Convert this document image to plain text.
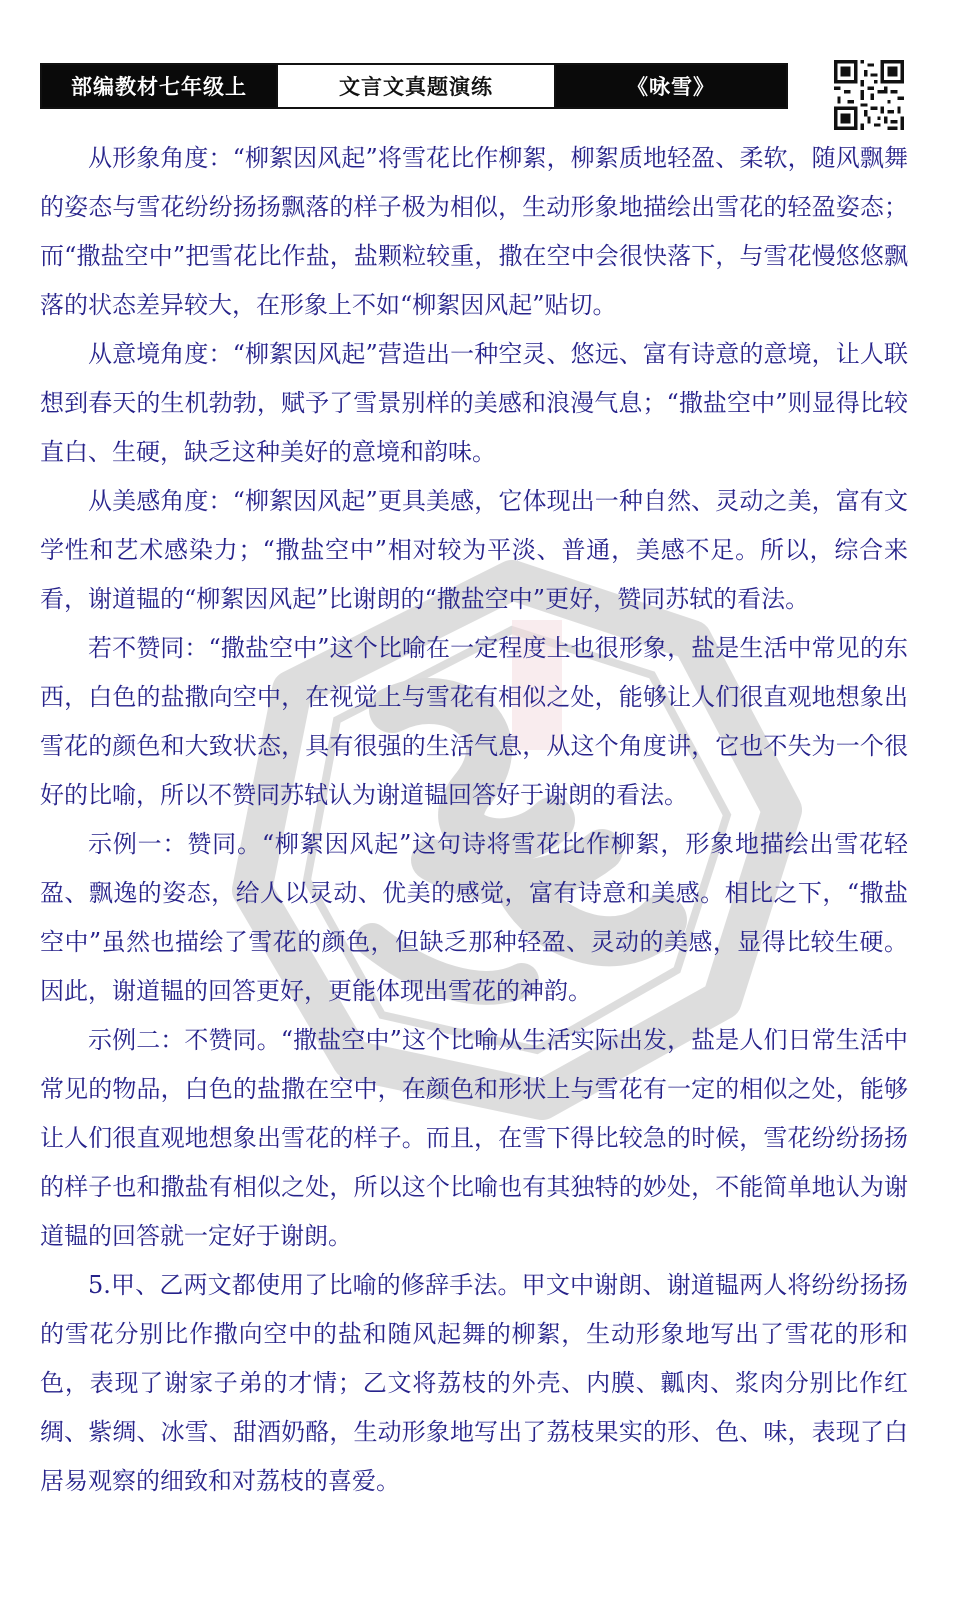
部编教材七年级上	文言文真题演练	《咏雪》

从形象角度：“柳絮因风起”将雪花比作柳絮，柳絮质地轻盈、柔软，随风飘舞的姿态与雪花纷纷扬扬飘落的样子极为相似，生动形象地描绘出雪花的轻盈姿态；而“撒盐空中”把雪花比作盐，盐颗粒较重，撒在空中会很快落下，与雪花慢悠悠飘落的状态差异较大，在形象上不如“柳絮因风起”贴切。

从意境角度：“柳絮因风起”营造出一种空灵、悠远、富有诗意的意境，让人联想到春天的生机勃勃，赋予了雪景别样的美感和浪漫气息；“撒盐空中”则显得比较直白、生硬，缺乏这种美好的意境和韵味。

从美感角度：“柳絮因风起”更具美感，它体现出一种自然、灵动之美，富有文学性和艺术感染力；“撒盐空中”相对较为平淡、普通，美感不足。所以，综合来看，谢道韫的“柳絮因风起”比谢朗的“撒盐空中”更好，赞同苏轼的看法。

若不赞同：“撒盐空中”这个比喻在一定程度上也很形象，盐是生活中常见的东西，白色的盐撒向空中，在视觉上与雪花有相似之处，能够让人们很直观地想象出雪花的颜色和大致状态，具有很强的生活气息，从这个角度讲，它也不失为一个很好的比喻，所以不赞同苏轼认为谢道韫回答好于谢朗的看法。

示例一：赞同。“柳絮因风起”这句诗将雪花比作柳絮，形象地描绘出雪花轻盈、飘逸的姿态，给人以灵动、优美的感觉，富有诗意和美感。相比之下，“撒盐空中”虽然也描绘了雪花的颜色，但缺乏那种轻盈、灵动的美感，显得比较生硬。因此，谢道韫的回答更好，更能体现出雪花的神韵。

示例二：不赞同。“撒盐空中”这个比喻从生活实际出发，盐是人们日常生活中常见的物品，白色的盐撒在空中，在颜色和形状上与雪花有一定的相似之处，能够让人们很直观地想象出雪花的样子。而且，在雪下得比较急的时候，雪花纷纷扬扬的样子也和撒盐有相似之处，所以这个比喻也有其独特的妙处，不能简单地认为谢道韫的回答就一定好于谢朗。

5.甲、乙两文都使用了比喻的修辞手法。甲文中谢朗、谢道韫两人将纷纷扬扬的雪花分别比作撒向空中的盐和随风起舞的柳絮，生动形象地写出了雪花的形和色，表现了谢家子弟的才情；乙文将荔枝的外壳、内膜、瓤肉、浆肉分别比作红绸、紫绸、冰雪、甜酒奶酪，生动形象地写出了荔枝果实的形、色、味，表现了白居易观察的细致和对荔枝的喜爱。
